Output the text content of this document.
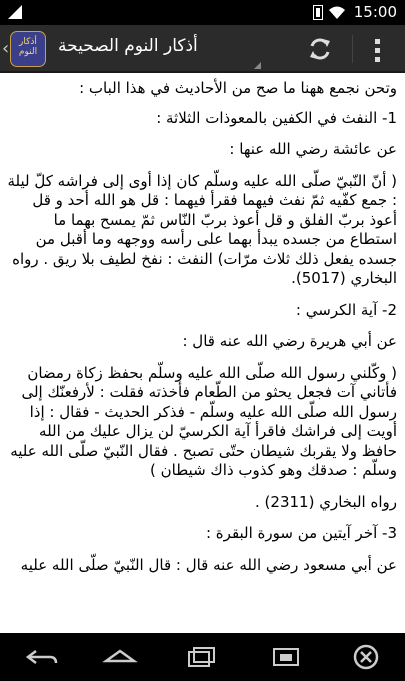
15:00
‹	أذكار النوم	أذكار النوم الصحيحة

وتحن نجمع ههنا ما صح من الأحاديث في هذا الباب :

1- النفث في الكفين بالمعوذات الثلاثة :

عن عائشة رضي الله عنها :

( أنّ النّبيّ صلّى الله عليه وسلّم كان إذا أوى إلى فراشه كلّ ليلة : جمع كفّيه ثمّ نفث فيهما فقرأ فيهما : قل هو الله أحد و قل أعوذ بربّ الفلق و قل أعوذ بربّ النّاس ثمّ يمسح بهما ما استطاع من جسده يبدأ بهما على رأسه ووجهه وما أقبل من جسده يفعل ذلك ثلاث مرّات) النفث : نفخ لطيف بلا ريق . رواه البخاري (5017).

2- آية الكرسي :

عن أبي هريرة رضي الله عنه قال :

( وكّلني رسول الله صلّى الله عليه وسلّم بحفظ زكاة رمضان فأتاني آت فجعل يحثو من الطّعام فأخذته فقلت : لأرفعنّك إلى رسول الله صلّى الله عليه وسلّم - فذكر الحديث - فقال : إذا أويت إلى فراشك فاقرأ آية الكرسيّ لن يزال عليك من الله حافظ ولا يقربك شيطان حتّى تصبح . فقال النّبيّ صلّى الله عليه وسلّم : صدقك وهو كذوب ذاك شيطان )

رواه البخاري (2311) .

3- آخر آيتين من سورة البقرة :

عن أبي مسعود رضي الله عنه قال : قال النّبيّ صلّى الله عليه
